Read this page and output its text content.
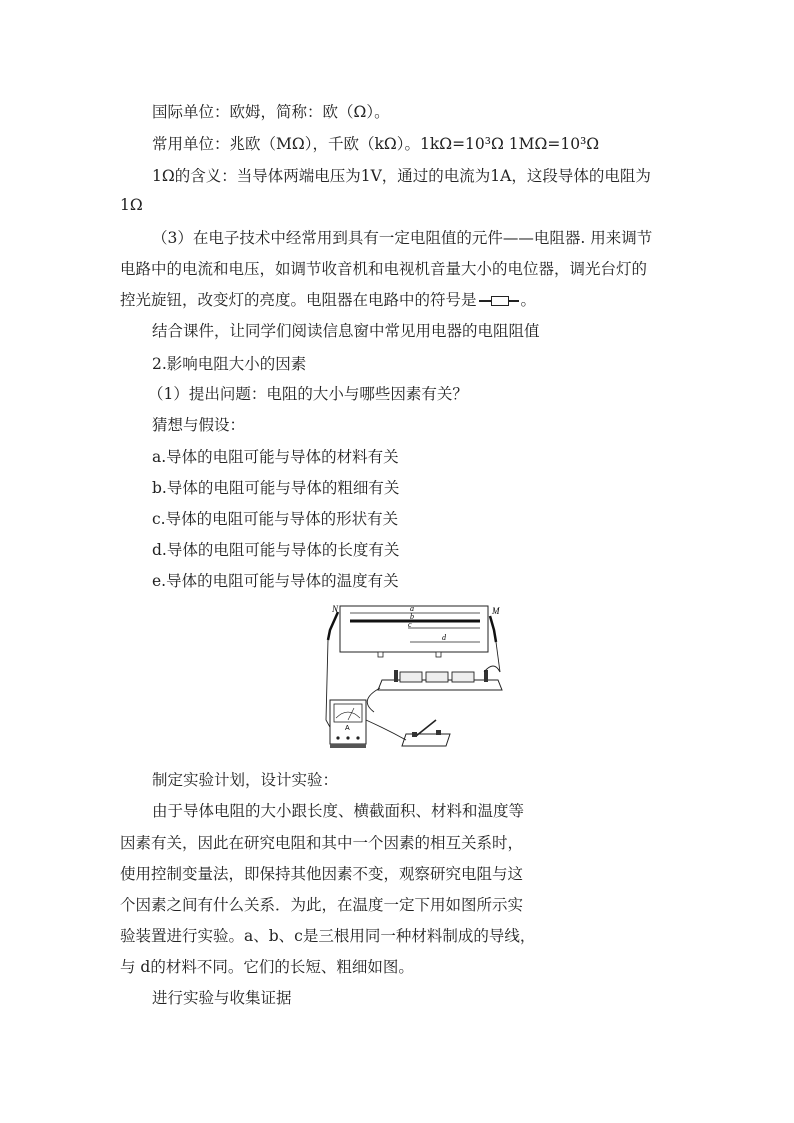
国际单位：欧姆，简称：欧（Ω）。
常用单位：兆欧（MΩ），千欧（kΩ）。1kΩ=10³Ω 1MΩ=10³Ω
1Ω的含义：当导体两端电压为1V，通过的电流为1A，这段导体的电阻为
1Ω
（3）在电子技术中经常用到具有一定电阻值的元件——电阻器. 用来调节
电路中的电流和电压，如调节收音机和电视机音量大小的电位器，调光台灯的
控光旋钮，改变灯的亮度。电阻器在电路中的符号是	。
结合课件，让同学们阅读信息窗中常见用电器的电阻阻值
2.影响电阻大小的因素
（1）提出问题：电阻的大小与哪些因素有关？
猜想与假设：
a.导体的电阻可能与导体的材料有关
b.导体的电阻可能与导体的粗细有关
c.导体的电阻可能与导体的形状有关
d.导体的电阻可能与导体的长度有关
e.导体的电阻可能与导体的温度有关
N	M
a
b
c
d
A
制定实验计划，设计实验：
由于导体电阻的大小跟长度、横截面积、材料和温度等
因素有关，因此在研究电阻和其中一个因素的相互关系时，
使用控制变量法，即保持其他因素不变，观察研究电阻与这
个因素之间有什么关系．为此，在温度一定下用如图所示实
验装置进行实验。a、b、c是三根用同一种材料制成的导线，
与 d的材料不同。它们的长短、粗细如图。
进行实验与收集证据
